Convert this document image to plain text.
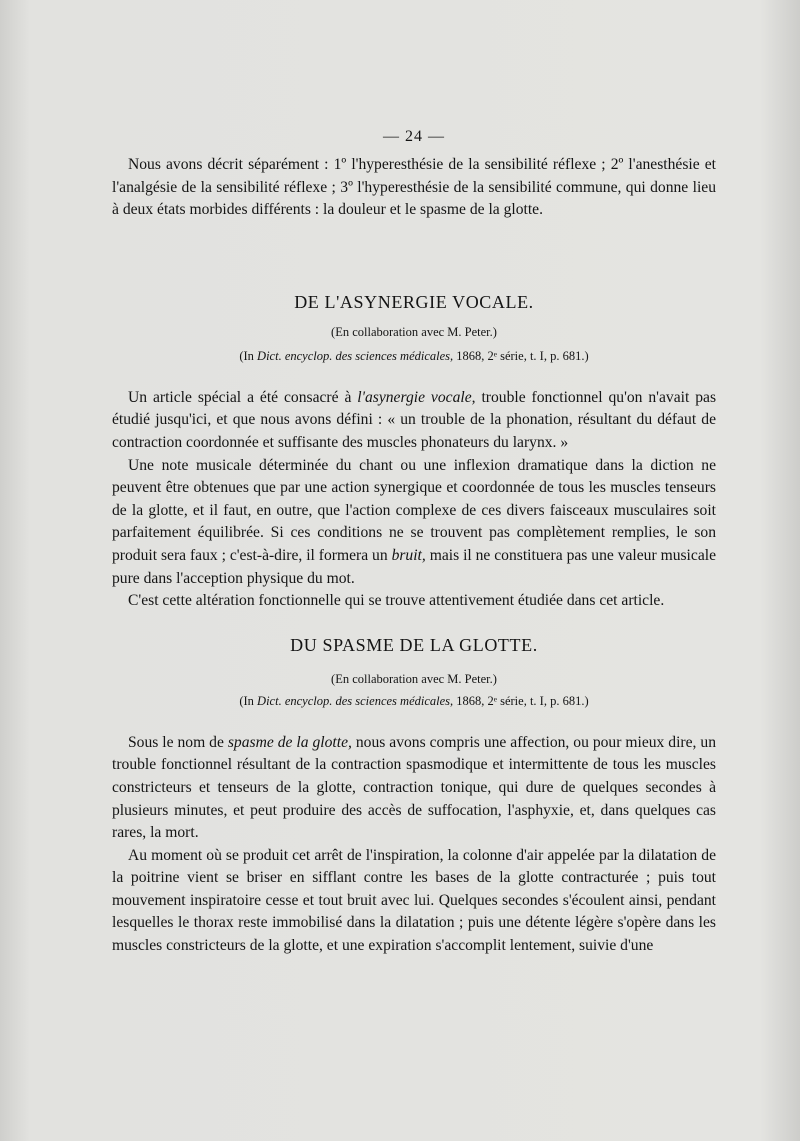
— 24 —

Nous avons décrit séparément : 1º l'hyperesthésie de la sensibilité réflexe ; 2º l'anesthésie et l'analgésie de la sensibilité réflexe ; 3º l'hyperesthésie de la sensibilité commune, qui donne lieu à deux états morbides différents : la douleur et le spasme de la glotte.

DE L'ASYNERGIE VOCALE.
(En collaboration avec M. Peter.)
(In Dict. encyclop. des sciences médicales, 1868, 2ᵉ série, t. I, p. 681.)

Un article spécial a été consacré à l'asynergie vocale, trouble fonctionnel qu'on n'avait pas étudié jusqu'ici, et que nous avons défini : « un trouble de la phonation, résultant du défaut de contraction coordonnée et suffisante des muscles phonateurs du larynx. »

Une note musicale déterminée du chant ou une inflexion dramatique dans la diction ne peuvent être obtenues que par une action synergique et coordonnée de tous les muscles tenseurs de la glotte, et il faut, en outre, que l'action complexe de ces divers faisceaux musculaires soit parfaitement équilibrée. Si ces conditions ne se trouvent pas complètement remplies, le son produit sera faux ; c'est-à-dire, il formera un bruit, mais il ne constituera pas une valeur musicale pure dans l'acception physique du mot.

C'est cette altération fonctionnelle qui se trouve attentivement étudiée dans cet article.

DU SPASME DE LA GLOTTE.
(En collaboration avec M. Peter.)
(In Dict. encyclop. des sciences médicales, 1868, 2ᵉ série, t. I, p. 681.)

Sous le nom de spasme de la glotte, nous avons compris une affection, ou pour mieux dire, un trouble fonctionnel résultant de la contraction spasmodique et intermittente de tous les muscles constricteurs et tenseurs de la glotte, contraction tonique, qui dure de quelques secondes à plusieurs minutes, et peut produire des accès de suffocation, l'asphyxie, et, dans quelques cas rares, la mort.

Au moment où se produit cet arrêt de l'inspiration, la colonne d'air appelée par la dilatation de la poitrine vient se briser en sifflant contre les bases de la glotte contracturée ; puis tout mouvement inspiratoire cesse et tout bruit avec lui. Quelques secondes s'écoulent ainsi, pendant lesquelles le thorax reste immobilisé dans la dilatation ; puis une détente légère s'opère dans les muscles constricteurs de la glotte, et une expiration s'accomplit lentement, suivie d'une
